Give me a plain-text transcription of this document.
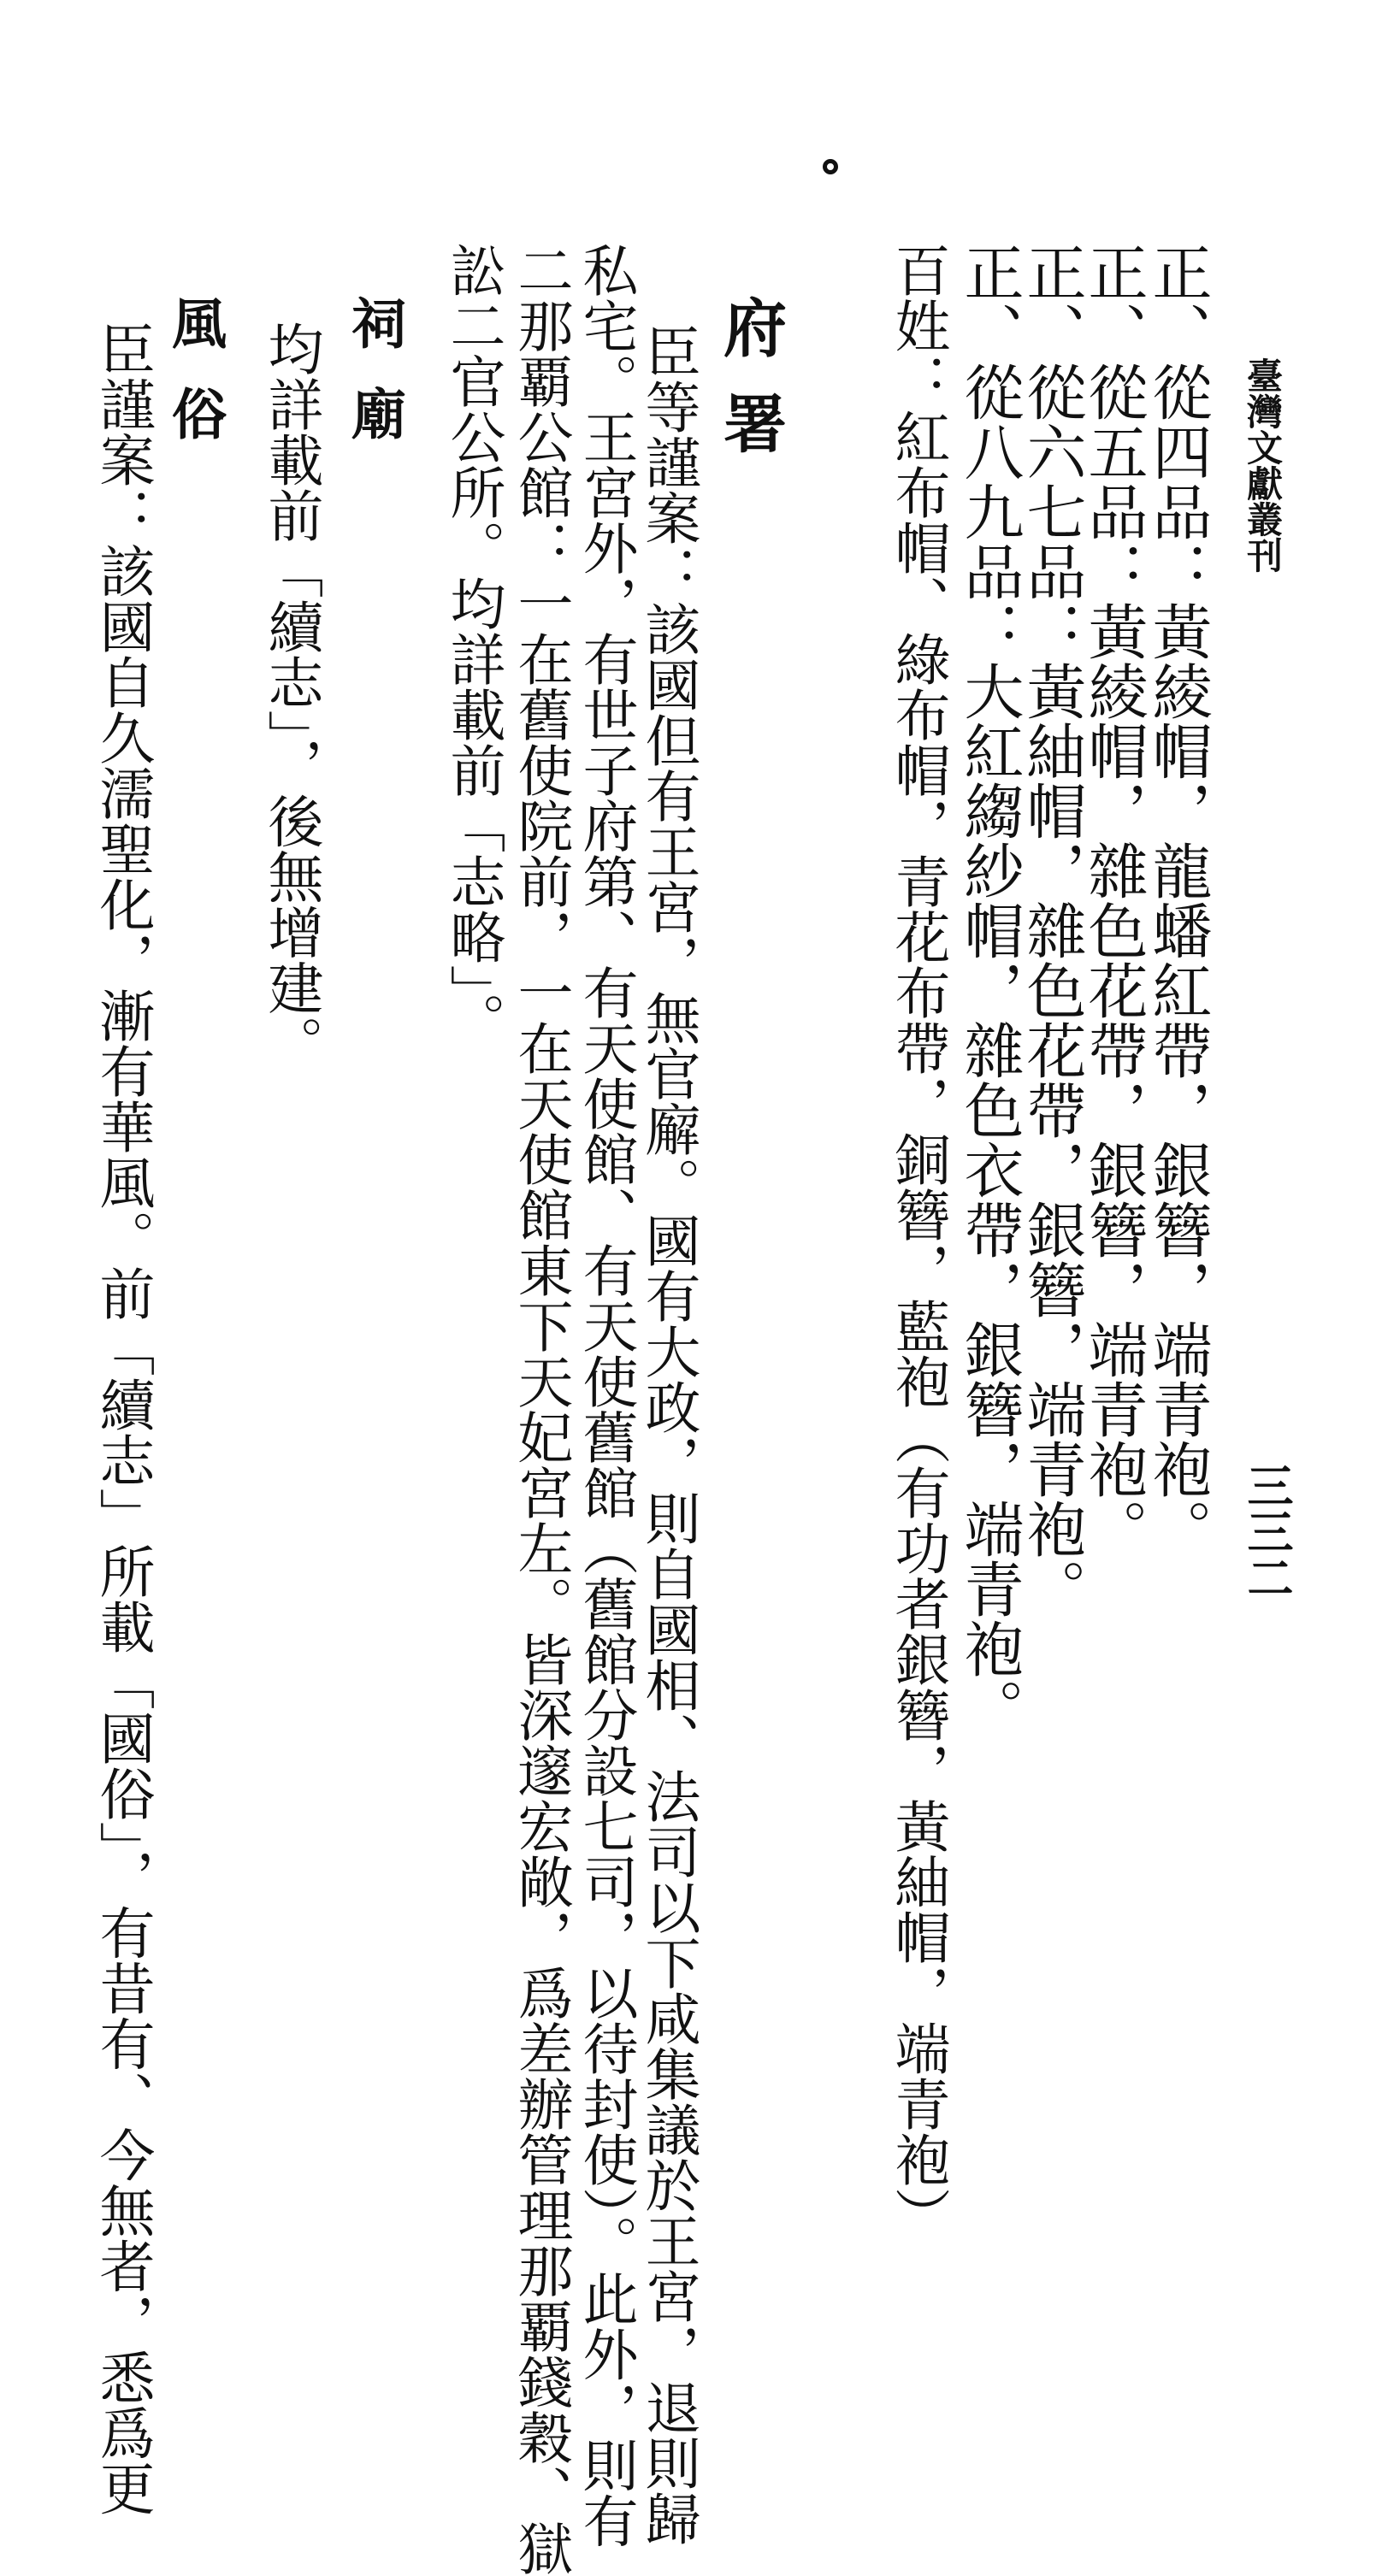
臺灣文獻叢刊
三三二
正、從四品：黃綾帽，龍蟠紅帶，銀簪，端青袍。
正、從五品：黃綾帽，雜色花帶，銀簪，端青袍。
正、從六七品：黃紬帽，雜色花帶，銀簪，端青袍。
正、從八九品：大紅縐紗帽，雜色衣帶，銀簪，端青袍。
百姓：紅布帽、綠布帽，青花布帶，銅簪，藍袍（有功者銀簪，黃紬帽，端青袍）
府署
臣等謹案：該國但有王宮，無官廨。國有大政，則自國相、法司以下咸集議於王宮，退則歸
私宅。王宮外，有世子府第、有天使館、有天使舊館（舊館分設七司，以待封使）。此外，則有
二那覇公館：一在舊使院前，一在天使館東下天妃宮左。皆深邃宏敞，爲差辦管理那覇錢穀、獄
訟二官公所。均詳載前「志略」。
祠廟
均詳載前「續志」，後無增建。
風俗
臣謹案：該國自久濡聖化，漸有華風。前「續志」所載「國俗」，有昔有、今無者，悉爲更
